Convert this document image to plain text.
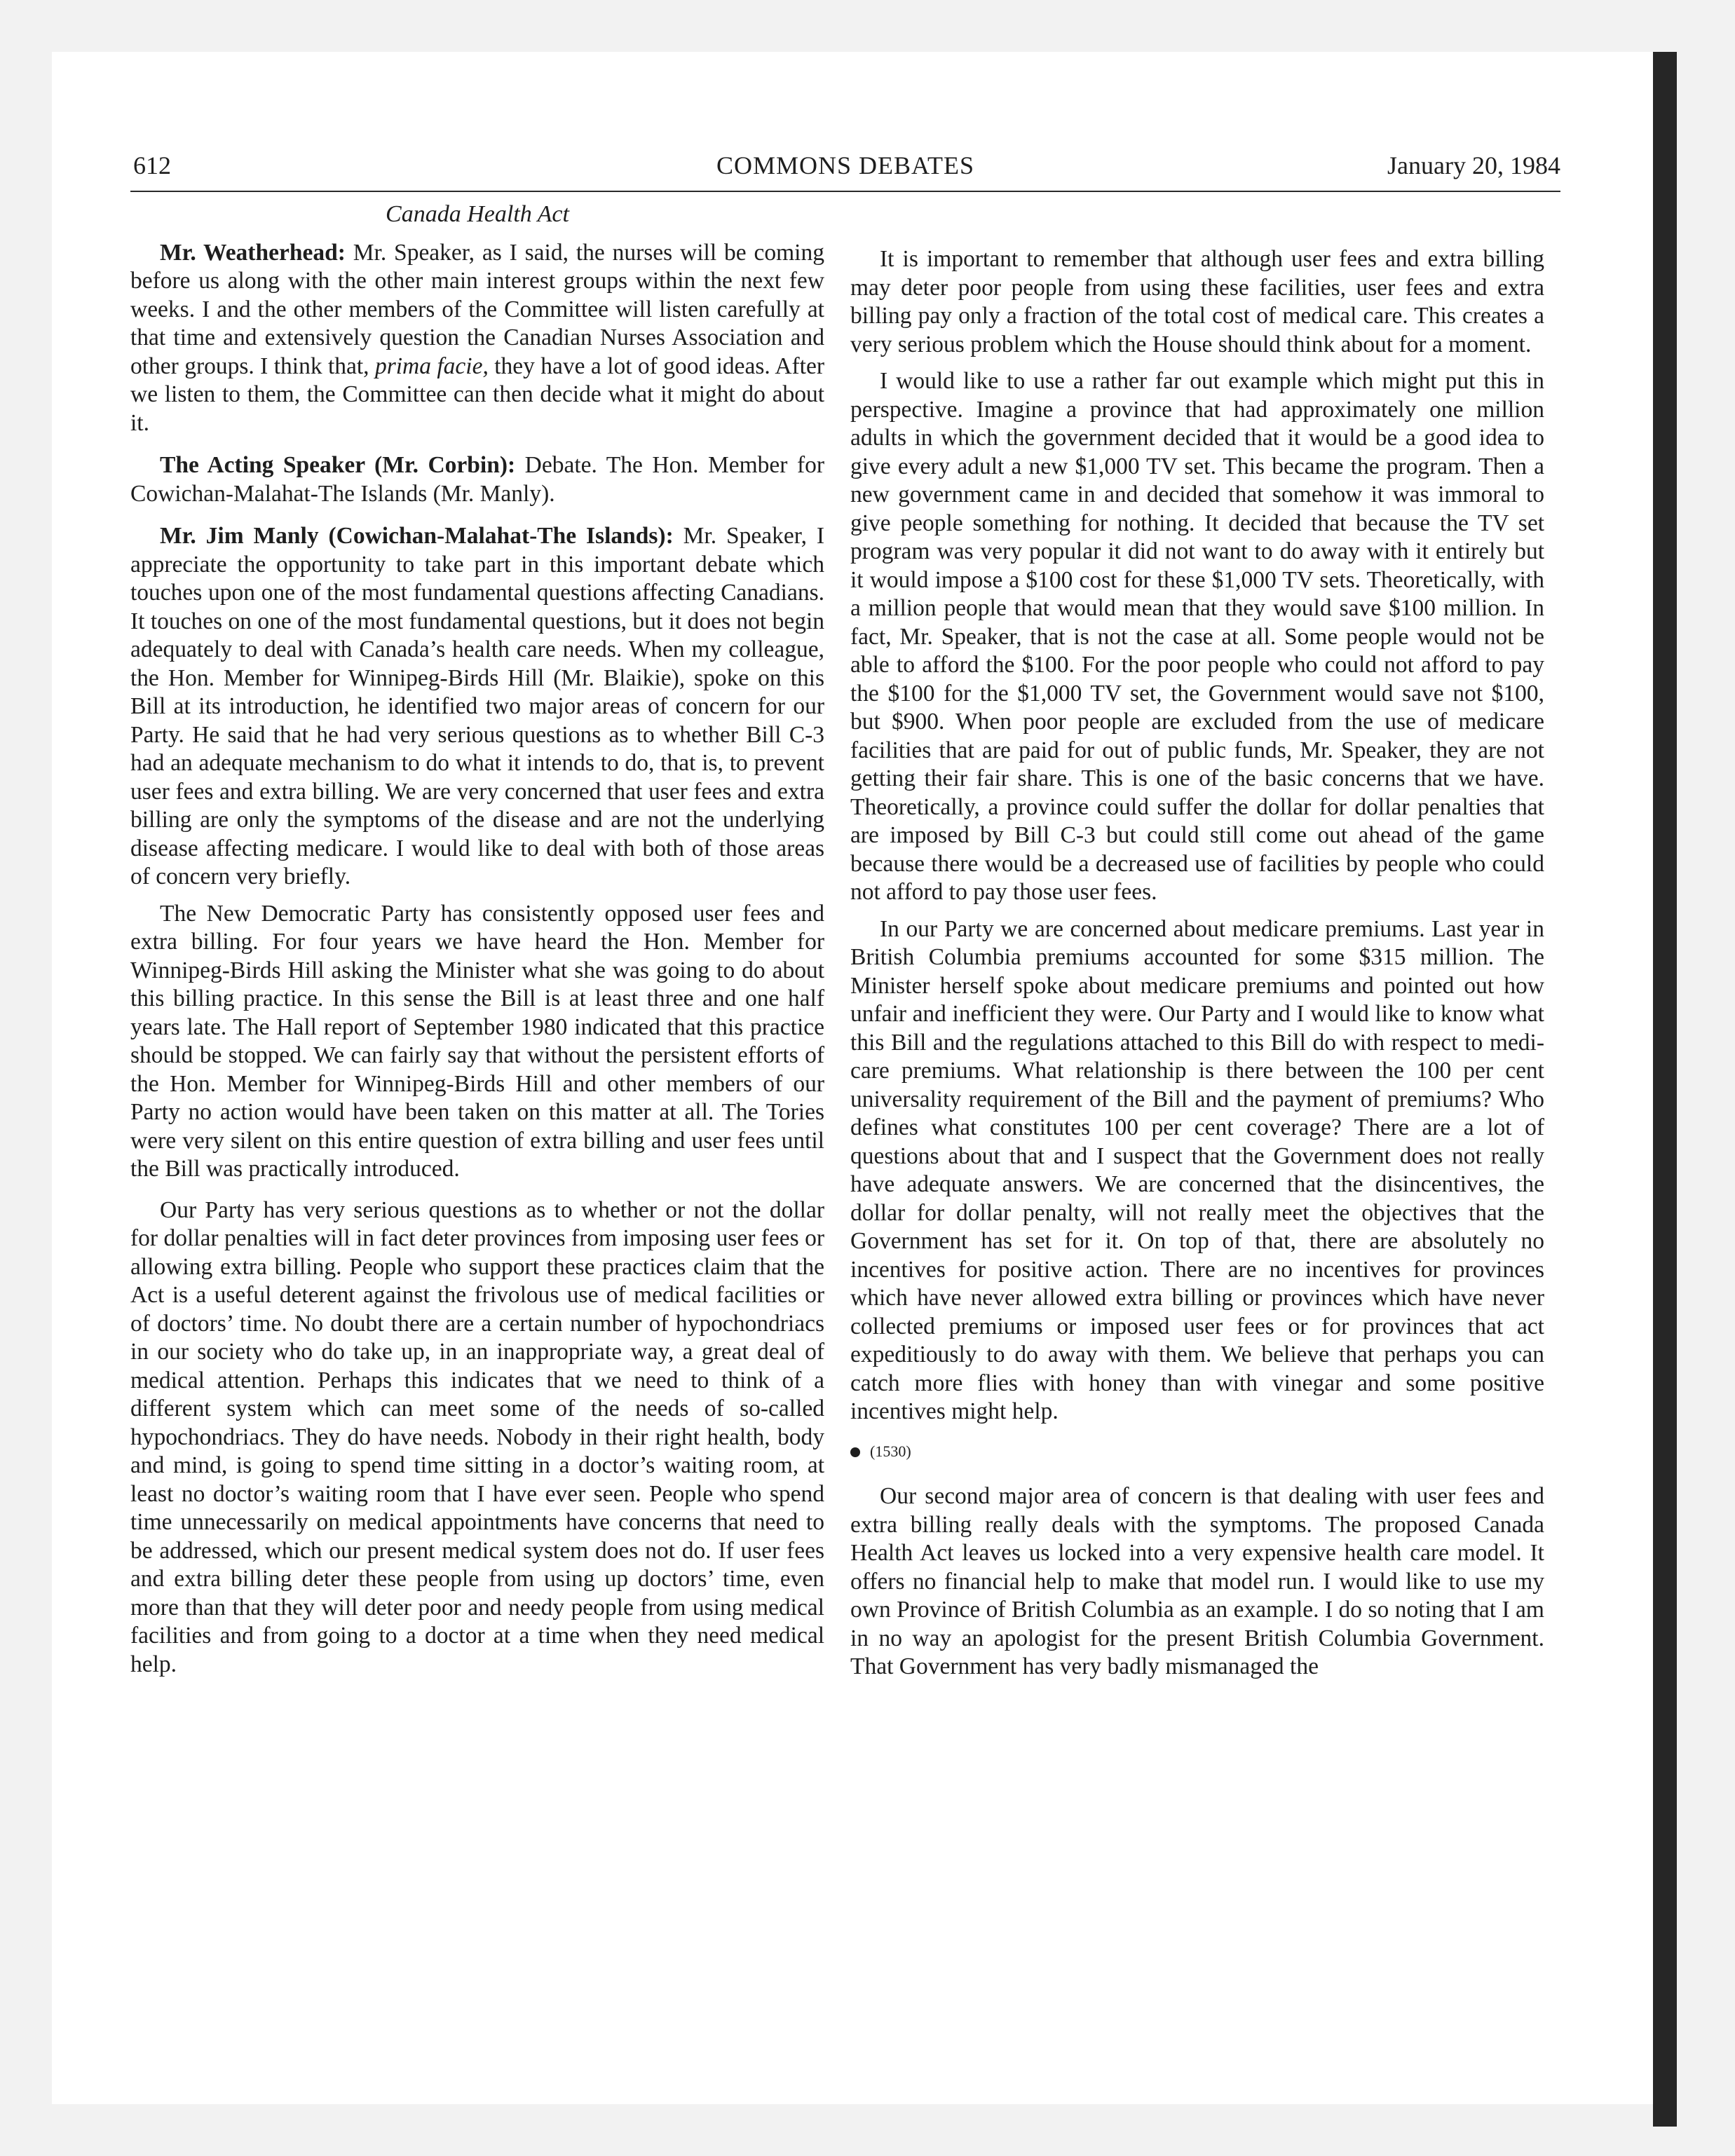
612	COMMONS DEBATES	January 20, 1984
Canada Health Act

Mr. Weatherhead: Mr. Speaker, as I said, the nurses will be coming before us along with the other main interest groups within the next few weeks. I and the other members of the Committee will listen carefully at that time and extensively question the Canadian Nurses Association and other groups. I think that, prima facie, they have a lot of good ideas. After we listen to them, the Committee can then decide what it might do about it.

The Acting Speaker (Mr. Corbin): Debate. The Hon. Member for Cowichan-Malahat-The Islands (Mr. Manly).

Mr. Jim Manly (Cowichan-Malahat-The Islands): Mr. Speaker, I appreciate the opportunity to take part in this important debate which touches upon one of the most fundamental questions affecting Canadians. It touches on one of the most fundamental questions, but it does not begin adequately to deal with Canada’s health care needs. When my colleague, the Hon. Member for Winnipeg-Birds Hill (Mr. Blaikie), spoke on this Bill at its introduction, he identified two major areas of concern for our Party. He said that he had very serious questions as to whether Bill C-3 had an adequate mechanism to do what it intends to do, that is, to prevent user fees and extra billing. We are very concerned that user fees and extra billing are only the symptoms of the disease and are not the underlying disease affecting medicare. I would like to deal with both of those areas of concern very briefly.

The New Democratic Party has consistently opposed user fees and extra billing. For four years we have heard the Hon. Member for Winnipeg-Birds Hill asking the Minister what she was going to do about this billing practice. In this sense the Bill is at least three and one half years late. The Hall report of September 1980 indicated that this practice should be stopped. We can fairly say that without the persistent efforts of the Hon. Member for Winnipeg-Birds Hill and other members of our Party no action would have been taken on this matter at all. The Tories were very silent on this entire question of extra billing and user fees until the Bill was practically introduced.

Our Party has very serious questions as to whether or not the dollar for dollar penalties will in fact deter provinces from imposing user fees or allowing extra billing. People who support these practices claim that the Act is a useful deterent against the frivolous use of medical facilities or of doctors’ time. No doubt there are a certain number of hypochondriacs in our society who do take up, in an inappropriate way, a great deal of medical attention. Perhaps this indicates that we need to think of a different system which can meet some of the needs of so-called hypochondriacs. They do have needs. Nobody in their right health, body and mind, is going to spend time sitting in a doctor’s waiting room, at least no doctor’s waiting room that I have ever seen. People who spend time unnecessarily on medical appointments have concerns that need to be addressed, which our present medical system does not do. If user fees and extra billing deter these people from using up doctors’ time, even more than that they will deter poor and needy people from using medical facilities and from going to a doctor at a time when they need medical help.

It is important to remember that although user fees and extra billing may deter poor people from using these facilities, user fees and extra billing pay only a fraction of the total cost of medical care. This creates a very serious problem which the House should think about for a moment.

I would like to use a rather far out example which might put this in perspective. Imagine a province that had approximately one million adults in which the government decided that it would be a good idea to give every adult a new $1,000 TV set. This became the program. Then a new government came in and decided that somehow it was immoral to give people something for nothing. It decided that because the TV set program was very popular it did not want to do away with it entirely but it would impose a $100 cost for these $1,000 TV sets. Theoretically, with a million people that would mean that they would save $100 million. In fact, Mr. Speaker, that is not the case at all. Some people would not be able to afford the $100. For the poor people who could not afford to pay the $100 for the $1,000 TV set, the Government would save not $100, but $900. When poor people are excluded from the use of medicare facilities that are paid for out of public funds, Mr. Speaker, they are not getting their fair share. This is one of the basic concerns that we have. Theoretically, a province could suffer the dollar for dollar penalties that are imposed by Bill C-3 but could still come out ahead of the game because there would be a decreased use of facilities by people who could not afford to pay those user fees.

In our Party we are concerned about medicare premiums. Last year in British Columbia premiums accounted for some $315 million. The Minister herself spoke about medicare premiums and pointed out how unfair and inefficient they were. Our Party and I would like to know what this Bill and the regulations attached to this Bill do with respect to medicare premiums. What relationship is there between the 100 per cent universality requirement of the Bill and the payment of premiums? Who defines what constitutes 100 per cent coverage? There are a lot of questions about that and I suspect that the Government does not really have adequate answers. We are concerned that the disincentives, the dollar for dollar penalty, will not really meet the objectives that the Government has set for it. On top of that, there are absolutely no incentives for positive action. There are no incentives for provinces which have never allowed extra billing or provinces which have never collected premiums or imposed user fees or for provinces that act expeditiously to do away with them. We believe that perhaps you can catch more flies with honey than with vinegar and some positive incentives might help.

(1530)

Our second major area of concern is that dealing with user fees and extra billing really deals with the symptoms. The proposed Canada Health Act leaves us locked into a very expensive health care model. It offers no financial help to make that model run. I would like to use my own Province of British Columbia as an example. I do so noting that I am in no way an apologist for the present British Columbia Government. That Government has very badly mismanaged the
